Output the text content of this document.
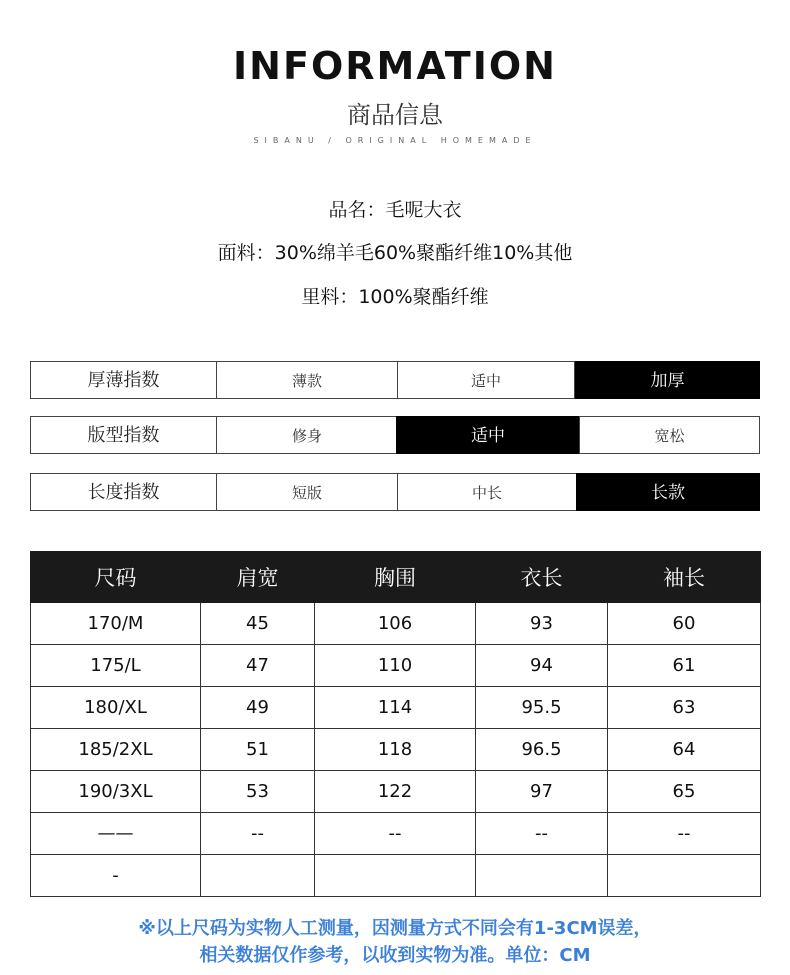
INFORMATION
商品信息
SIBANU / ORIGINAL HOMEMADE
品名：毛呢大衣
面料：30%绵羊毛60%聚酯纤维10%其他
里料：100%聚酯纤维
厚薄指数	薄款	适中	加厚
版型指数	修身	适中	宽松
长度指数	短版	中长	长款
尺码	肩宽	胸围	衣长	袖长
170/M	45	106	93	60
175/L	47	110	94	61
180/XL	49	114	95.5	63
185/2XL	51	118	96.5	64
190/3XL	53	122	97	65
——	--	--	--	--
-				
※以上尺码为实物人工测量，因测量方式不同会有1-3CM误差，
相关数据仅作参考，以收到实物为准。单位：CM
